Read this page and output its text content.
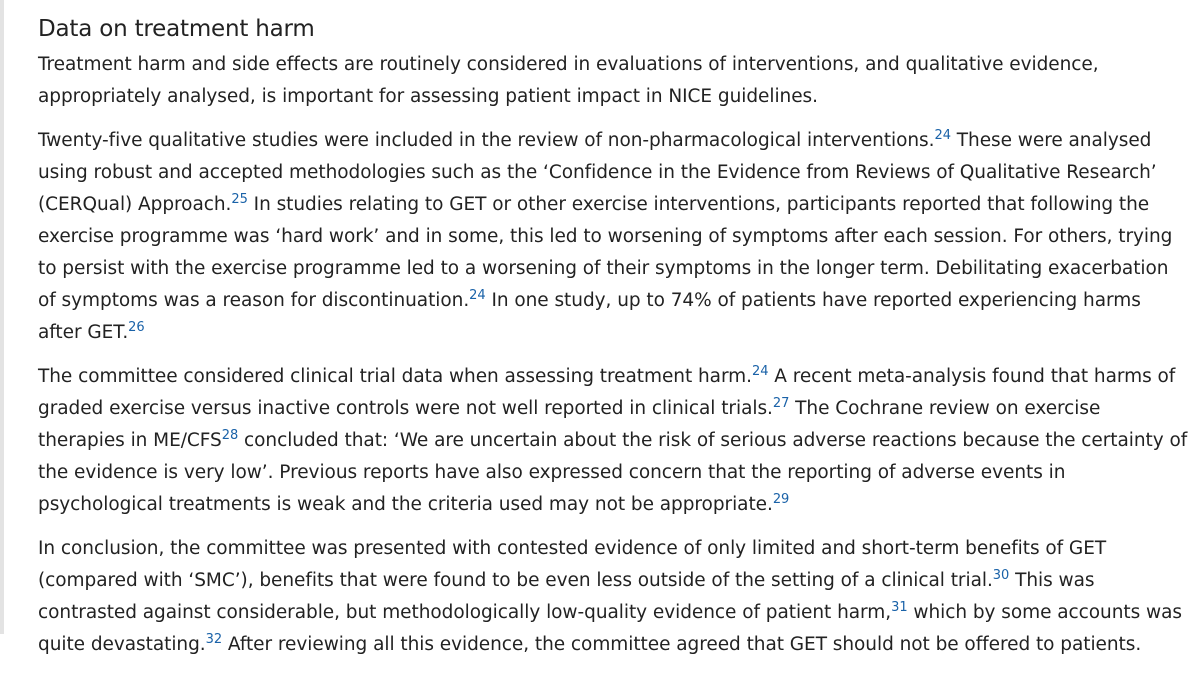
Data on treatment harm

Treatment harm and side effects are routinely considered in evaluations of interventions, and qualitative evidence, appropriately analysed, is important for assessing patient impact in NICE guidelines.

Twenty-five qualitative studies were included in the review of non-pharmacological interventions.$^{24}$ These were analysed using robust and accepted methodologies such as the ‘Confidence in the Evidence from Reviews of Qualitative Research’ (CERQual) Approach.$^{25}$ In studies relating to GET or other exercise interventions, participants reported that following the exercise programme was ‘hard work’ and in some, this led to worsening of symptoms after each session. For others, trying to persist with the exercise programme led to a worsening of their symptoms in the longer term. Debilitating exacerbation of symptoms was a reason for discontinuation.$^{24}$ In one study, up to 74% of patients have reported experiencing harms after GET.$^{26}$

The committee considered clinical trial data when assessing treatment harm.$^{24}$ A recent meta-analysis found that harms of graded exercise versus inactive controls were not well reported in clinical trials.$^{27}$ The Cochrane review on exercise therapies in ME/CFS$^{28}$ concluded that: ‘We are uncertain about the risk of serious adverse reactions because the certainty of the evidence is very low’. Previous reports have also expressed concern that the reporting of adverse events in psychological treatments is weak and the criteria used may not be appropriate.$^{29}$

In conclusion, the committee was presented with contested evidence of only limited and short-term benefits of GET (compared with ‘SMC’), benefits that were found to be even less outside of the setting of a clinical trial.$^{30}$ This was contrasted against considerable, but methodologically low-quality evidence of patient harm,$^{31}$ which by some accounts was quite devastating.$^{32}$ After reviewing all this evidence, the committee agreed that GET should not be offered to patients.
